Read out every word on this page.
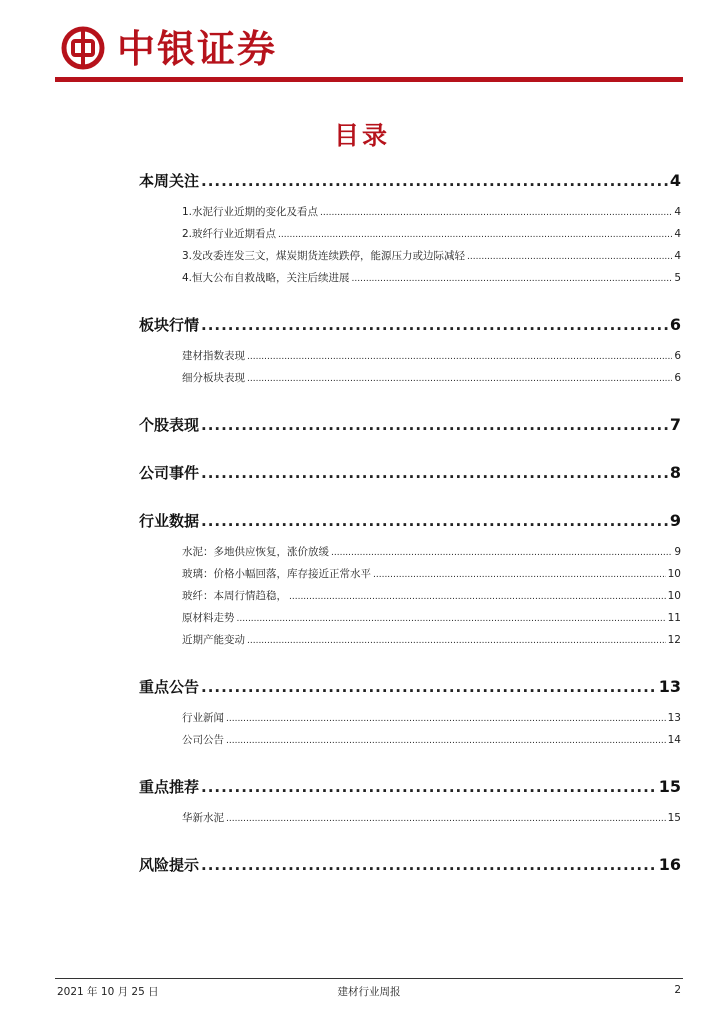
中银证券
目录
本周关注 .....	4
1.水泥行业近期的变化及看点 .....	4
2.玻纤行业近期看点 .....	4
3.发改委连发三文，煤炭期货连续跌停，能源压力或边际减轻 .....	4
4.恒大公布自救战略，关注后续进展 .....	5
板块行情 .....	6
建材指数表现 .....	6
细分板块表现 .....	6
个股表现 .....	7
公司事件 .....	8
行业数据 .....	9
水泥：多地供应恢复，涨价放缓 .....	9
玻璃：价格小幅回落，库存接近正常水平 .....	10
玻纤：本周行情趋稳， .....	10
原材料走势 .....	11
近期产能变动 .....	12
重点公告 .....	13
行业新闻 .....	13
公司公告 .....	14
重点推荐 .....	15
华新水泥 .....	15
风险提示 .....	16
2021 年 10 月 25 日	建材行业周报	2
